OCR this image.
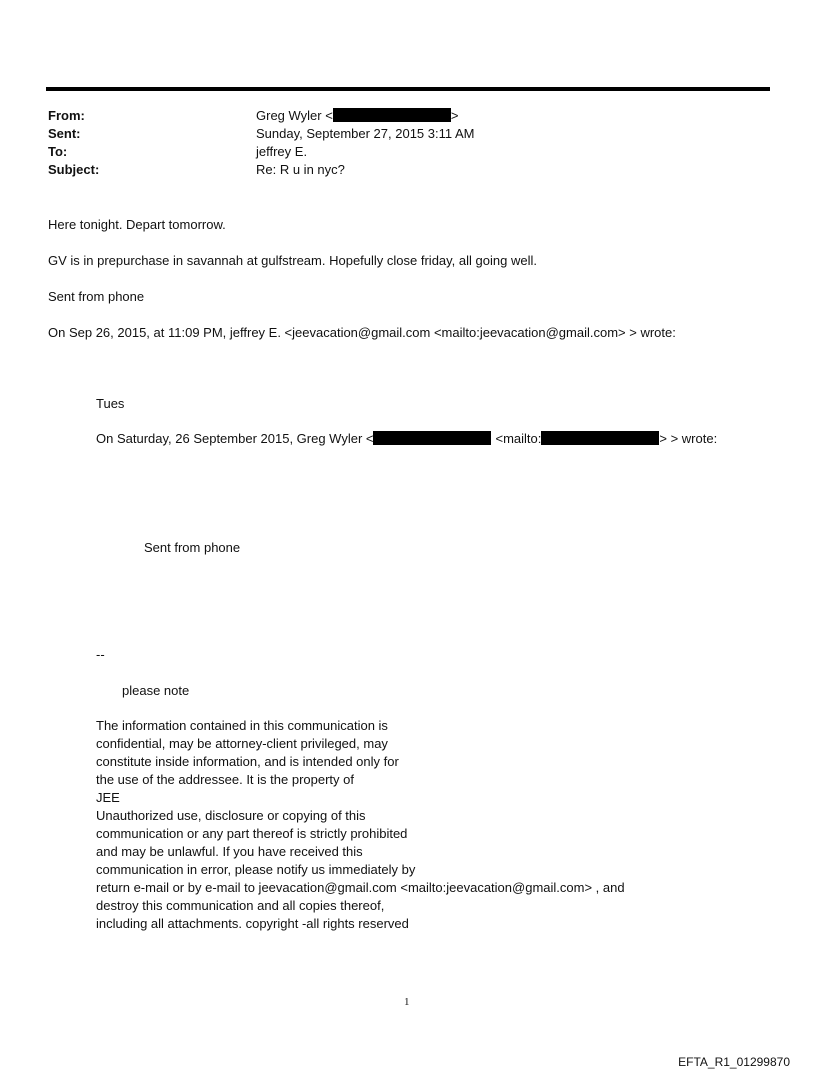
From:	Greg Wyler <	>
Sent:	Sunday, September 27, 2015 3:11 AM
To:	jeffrey E.
Subject:	Re: R u in nyc?
Here tonight. Depart tomorrow.
GV is in prepurchase in savannah at gulfstream. Hopefully close friday, all going well.
Sent from phone
On Sep 26, 2015, at 11:09 PM, jeffrey E. <jeevacation@gmail.com <mailto:jeevacation@gmail.com> > wrote:
Tues
On Saturday, 26 September 2015, Greg Wyler <	<mailto:	> > wrote:
Sent from phone
--
please note
The information contained in this communication is
confidential, may be attorney-client privileged, may
constitute inside information, and is intended only for
the use of the addressee. It is the property of
JEE
Unauthorized use, disclosure or copying of this
communication or any part thereof is strictly prohibited
and may be unlawful. If you have received this
communication in error, please notify us immediately by
return e-mail or by e-mail to jeevacation@gmail.com <mailto:jeevacation@gmail.com> , and
destroy this communication and all copies thereof,
including all attachments. copyright -all rights reserved
1
EFTA_R1_01299870
